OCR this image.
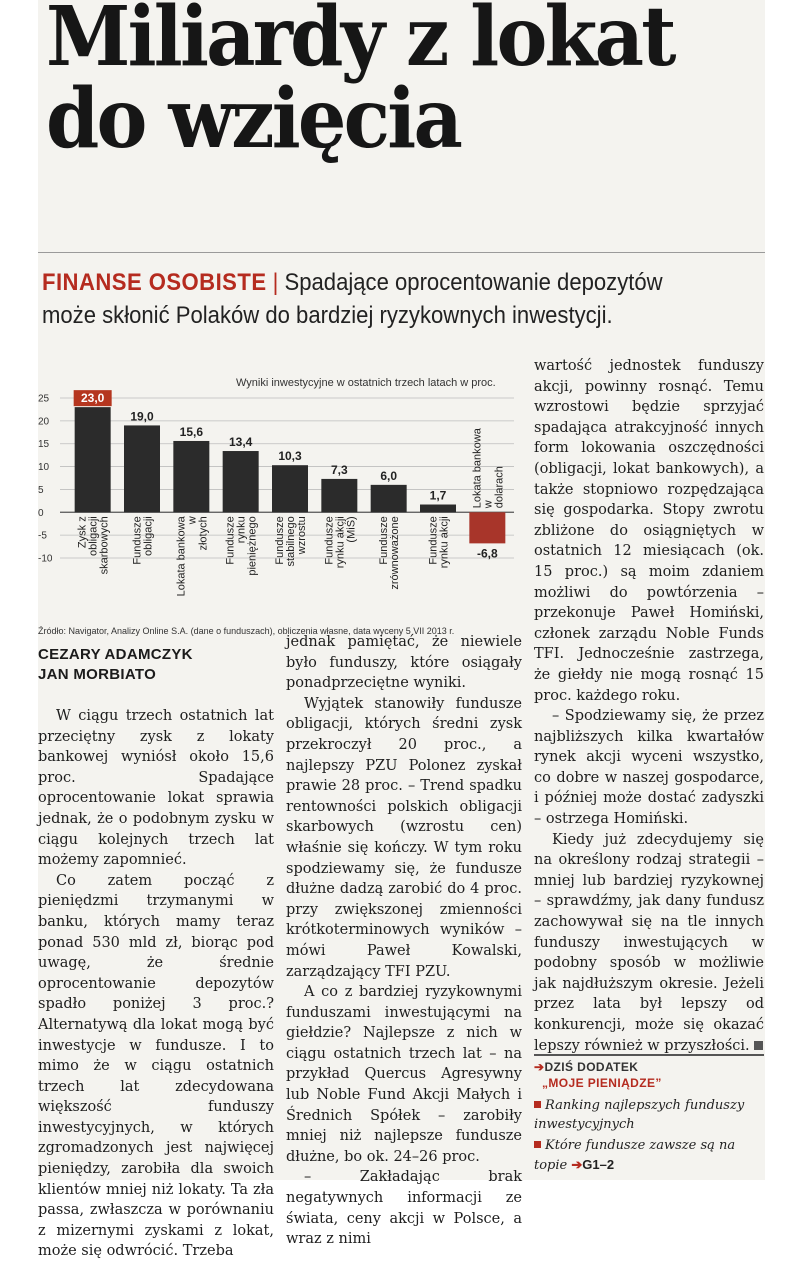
Miliardy z lokat
do wzięcia
FINANSE OSOBISTE | Spadające oprocentowanie depozytów może skłonić Polaków do bardziej ryzykownych inwestycji.
25
20
15
10
5
0
-5
-10
Wyniki inwestycyjne w ostatnich trzech latach w proc.
23,0
19,0
15,6
13,4
10,3
7,3	6,0
1,7
-6,8
Zysk z obligacji skarbowych Fundusze obligacji Lokata bankowa w złotych Fundusze rynku pieniężnego Fundusze stabilnego wzrostu Fundusze rynku akcji (MiŚ) Fundusze zrównoważone Fundusze rynku akcji
Lokata bankowa w dolarach
Źródło: Navigator, Analizy Online S.A. (dane o funduszach), obliczenia własne, data wyceny 5 VII 2013 r.
CEZARY ADAMCZYK
JAN MORBIATO

W ciągu trzech ostatnich lat przeciętny zysk z lokaty bankowej wyniósł około 15,6 proc. Spadające oprocentowanie lokat sprawia jednak, że o podobnym zysku w ciągu kolejnych trzech lat możemy zapomnieć.

Co zatem począć z pieniędzmi trzymanymi w banku, których mamy teraz ponad 530 mld zł, biorąc pod uwagę, że średnie oprocentowanie depozytów spadło poniżej 3 proc.? Alternatywą dla lokat mogą być inwestycje w fundusze. I to mimo że w ciągu ostatnich trzech lat zdecydowana większość funduszy inwestycyjnych, w których zgromadzonych jest najwięcej pieniędzy, zarobiła dla swoich klientów mniej niż lokaty. Ta zła passa, zwłaszcza w porównaniu z mizernymi zyskami z lokat, może się odwrócić. Trzeba

jednak pamiętać, że niewiele było funduszy, które osiągały ponadprzeciętne wyniki.

Wyjątek stanowiły fundusze obligacji, których średni zysk przekroczył 20 proc., a najlepszy PZU Polonez zyskał prawie 28 proc. – Trend spadku rentowności polskich obligacji skarbowych (wzrostu cen) właśnie się kończy. W tym roku spodziewamy się, że fundusze dłużne dadzą zarobić do 4 proc. przy zwiększonej zmienności krótkoterminowych wyników – mówi Paweł Kowalski, zarządzający TFI PZU.

A co z bardziej ryzykownymi funduszami inwestującymi na giełdzie? Najlepsze z nich w ciągu ostatnich trzech lat – na przykład Quercus Agresywny lub Noble Fund Akcji Małych i Średnich Spółek – zarobiły mniej niż najlepsze fundusze dłużne, bo ok. 24–26 proc.

– Zakładając brak negatywnych informacji ze świata, ceny akcji w Polsce, a wraz z nimi

wartość jednostek funduszy akcji, powinny rosnąć. Temu wzrostowi będzie sprzyjać spadająca atrakcyjność innych form lokowania oszczędności (obligacji, lokat bankowych), a także stopniowo rozpędzająca się gospodarka. Stopy zwrotu zbliżone do osiągniętych w ostatnich 12 miesiącach (ok. 15 proc.) są moim zdaniem możliwi do powtórzenia – przekonuje Paweł Homiński, członek zarządu Noble Funds TFI. Jednocześnie zastrzega, że giełdy nie mogą rosnąć 15 proc. każdego roku.

– Spodziewamy się, że przez najbliższych kilka kwartałów rynek akcji wyceni wszystko, co dobre w naszej gospodarce, i później może dostać zadyszki – ostrzega Homiński.

Kiedy już zdecydujemy się na określony rodzaj strategii – mniej lub bardziej ryzykownej – sprawdźmy, jak dany fundusz zachowywał się na tle innych funduszy inwestujących w podobny sposób w możliwie jak najdłuższym okresie. Jeżeli przez lata był lepszy od konkurencji, może się okazać lepszy również w przyszłości.

➔DZIŚ DODATEK
„MOJE PIENIĄDZE”
Ranking najlepszych funduszy inwestycyjnych
Które fundusze zawsze są na topie ➔G1–2
